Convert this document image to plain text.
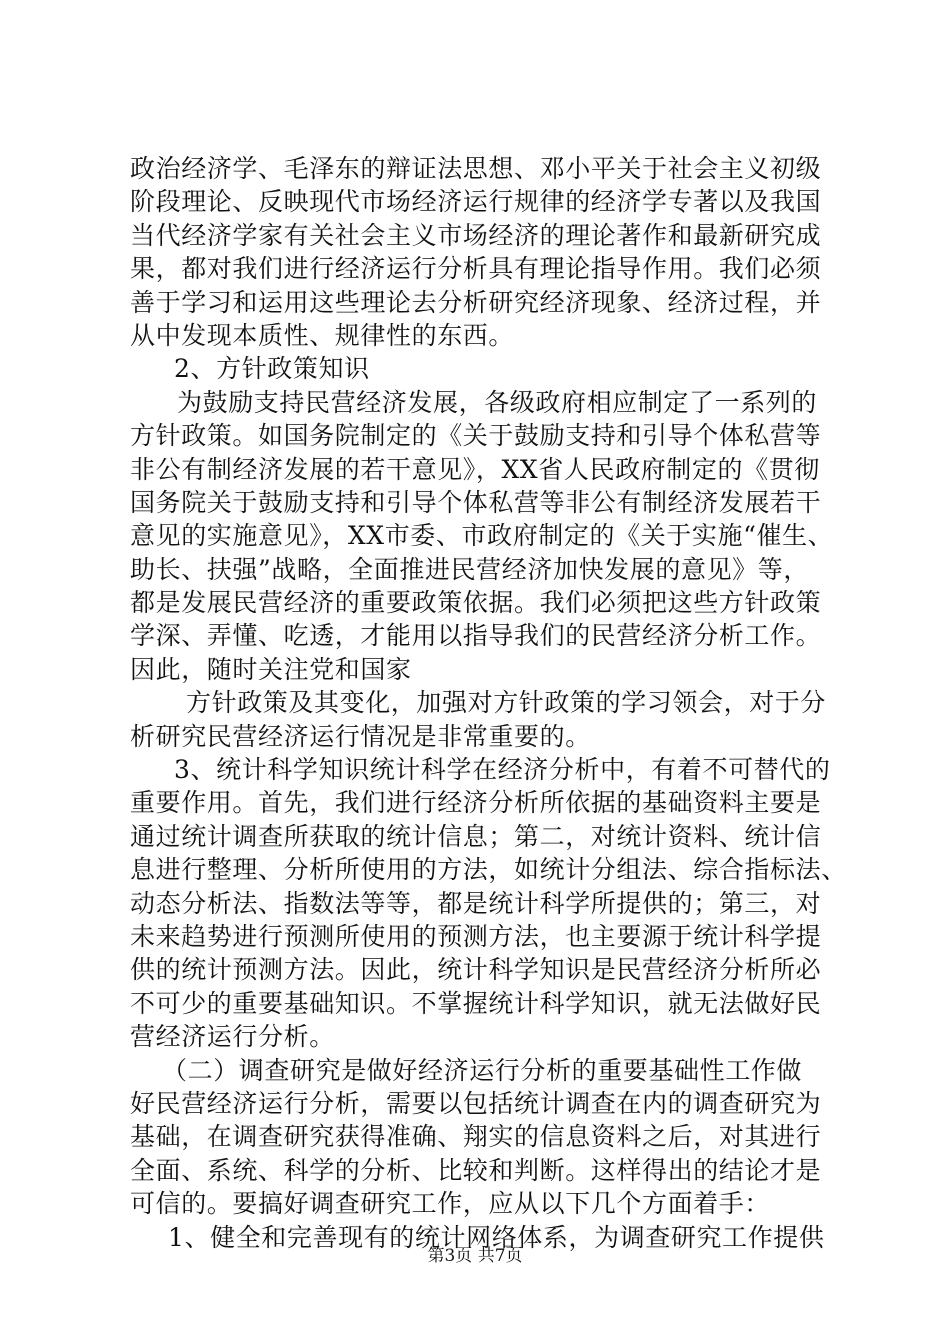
政治经济学、毛泽东的辩证法思想、邓小平关于社会主义初级
阶段理论、反映现代市场经济运行规律的经济学专著以及我国
当代经济学家有关社会主义市场经济的理论著作和最新研究成
果，都对我们进行经济运行分析具有理论指导作用。我们必须
善于学习和运用这些理论去分析研究经济现象、经济过程，并
从中发现本质性、规律性的东西。
2、方针政策知识
为鼓励支持民营经济发展，各级政府相应制定了一系列的
方针政策。如国务院制定的《关于鼓励支持和引导个体私营等
非公有制经济发展的若干意见》，XX省人民政府制定的《贯彻
国务院关于鼓励支持和引导个体私营等非公有制经济发展若干
意见的实施意见》，XX市委、市政府制定的《关于实施“催生、
助长、扶强”战略，全面推进民营经济加快发展的意见》等，
都是发展民营经济的重要政策依据。我们必须把这些方针政策
学深、弄懂、吃透，才能用以指导我们的民营经济分析工作。
因此，随时关注党和国家
方针政策及其变化，加强对方针政策的学习领会，对于分
析研究民营经济运行情况是非常重要的。
3、统计科学知识统计科学在经济分析中，有着不可替代的
重要作用。首先，我们进行经济分析所依据的基础资料主要是
通过统计调查所获取的统计信息；第二，对统计资料、统计信
息进行整理、分析所使用的方法，如统计分组法、综合指标法、
动态分析法、指数法等等，都是统计科学所提供的；第三，对
未来趋势进行预测所使用的预测方法，也主要源于统计科学提
供的统计预测方法。因此，统计科学知识是民营经济分析所必
不可少的重要基础知识。不掌握统计科学知识，就无法做好民
营经济运行分析。
（二）调查研究是做好经济运行分析的重要基础性工作做
好民营经济运行分析，需要以包括统计调查在内的调查研究为
基础，在调查研究获得准确、翔实的信息资料之后，对其进行
全面、系统、科学的分析、比较和判断。这样得出的结论才是
可信的。要搞好调查研究工作，应从以下几个方面着手：
1、健全和完善现有的统计网络体系，为调查研究工作提供
第3页 共7页
